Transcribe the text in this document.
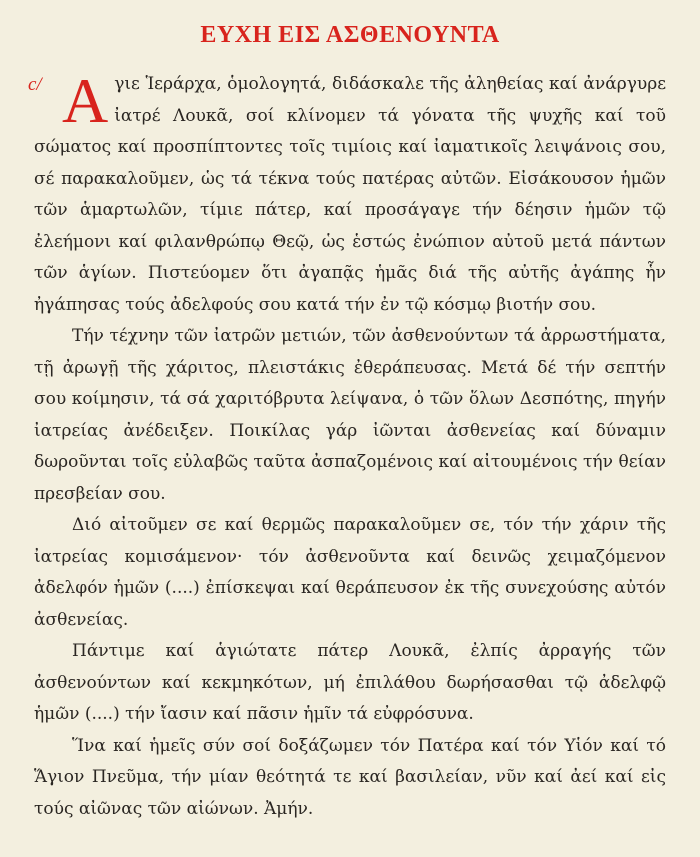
ΕΥΧΗ ΕΙΣ ΑΣΘΕΝΟΥΝΤΑ

c/ Α γιε Ἱεράρχα, ὁμολογητά, διδάσκαλε τῆς ἀληθείας καί ἀνάργυρε ἰατρέ Λουκᾶ, σοί κλίνομεν τά γόνατα τῆς ψυχῆς καί τοῦ σώματος καί προσπίπτοντες τοῖς τιμίοις καί ἰαματικοῖς λειψάνοις σου, σέ παρακαλοῦμεν, ὡς τά τέκνα τούς πατέρας αὐτῶν. Εἰσάκουσον ἡμῶν τῶν ἁμαρτωλῶν, τίμιε πάτερ, καί προσάγαγε τήν δέησιν ἡμῶν τῷ ἐλεήμονι καί φιλανθρώπῳ Θεῷ, ὡς ἑστώς ἐνώπιον αὐτοῦ μετά πάντων τῶν ἁγίων. Πιστεύομεν ὅτι ἀγαπᾷς ἡμᾶς διά τῆς αὐτῆς ἀγάπης ἧν ἠγάπησας τούς ἀδελφούς σου κατά τήν ἐν τῷ κόσμῳ βιοτήν σου.

Τήν τέχνην τῶν ἰατρῶν μετιών, τῶν ἀσθενούντων τά ἀρρωστήματα, τῇ ἀρωγῇ τῆς χάριτος, πλειστάκις ἐθεράπευσας. Μετά δέ τήν σεπτήν σου κοίμησιν, τά σά χαριτόβρυτα λείψανα, ὁ τῶν ὅλων Δεσπότης, πηγήν ἰατρείας ἀνέδειξεν. Ποικίλας γάρ ἰῶνται ἀσθενείας καί δύναμιν δωροῦνται τοῖς εὐλαβῶς ταῦτα ἀσπαζομένοις καί αἰτουμένοις τήν θείαν πρεσβείαν σου.

Διό αἰτοῦμεν σε καί θερμῶς παρακαλοῦμεν σε, τόν τήν χάριν τῆς ἰατρείας κομισάμενον· τόν ἀσθενοῦντα καί δεινῶς χειμαζόμενον ἀδελφόν ἡμῶν (....) ἐπίσκεψαι καί θεράπευσον ἐκ τῆς συνεχούσης αὐτόν ἀσθενείας.

Πάντιμε καί ἁγιώτατε πάτερ Λουκᾶ, ἐλπίς ἀρραγής τῶν ἀσθενούντων καί κεκμηκότων, μή ἐπιλάθου δωρήσασθαι τῷ ἀδελφῷ ἡμῶν (....) τήν ἴασιν καί πᾶσιν ἡμῖν τά εὐφρόσυνα.

Ἵνα καί ἡμεῖς σύν σοί δοξάζωμεν τόν Πατέρα καί τόν Υἱόν καί τό Ἅγιον Πνεῦμα, τήν μίαν θεότητά τε καί βασιλείαν, νῦν καί ἀεί καί εἰς τούς αἰῶνας τῶν αἰώνων. Ἀμήν.
